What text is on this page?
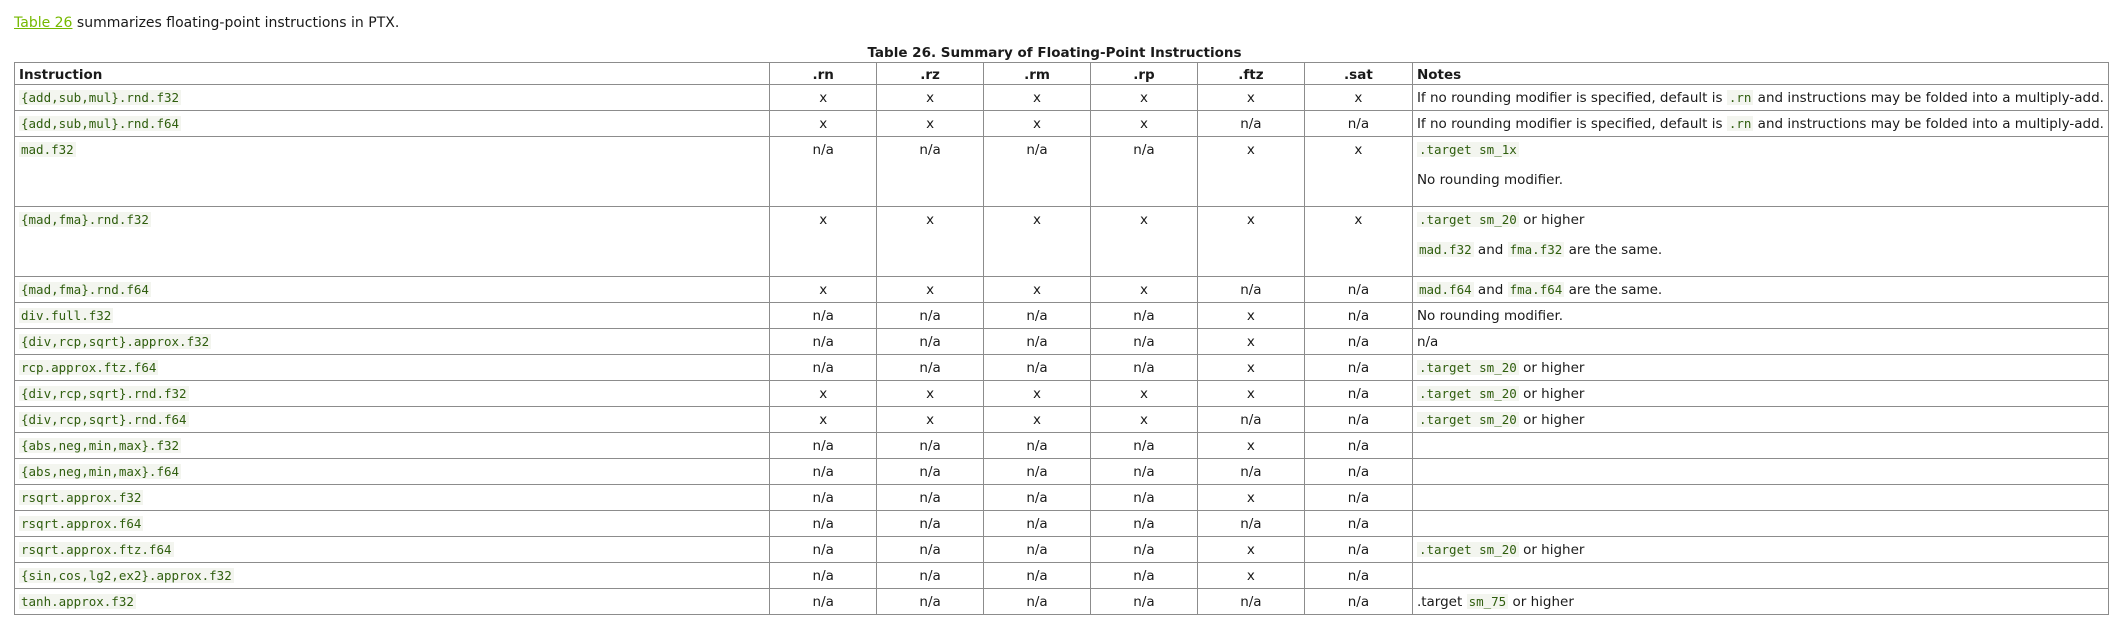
Table 26 summarizes floating-point instructions in PTX.
Table 26. Summary of Floating-Point Instructions
Instruction	.rn	.rz	.rm	.rp	.ftz	.sat	Notes
{add,sub,mul}.rnd.f32	x	x	x	x	x	x	If no rounding modifier is specified, default is .rn and instructions may be folded into a multiply-add.

{add,sub,mul}.rnd.f64	x	x	x	x	n/a	n/a	If no rounding modifier is specified, default is .rn and instructions may be folded into a multiply-add.

mad.f32	n/a	n/a	n/a	n/a	x	x	.target sm_1x
No rounding modifier.

{mad,fma}.rnd.f32	x	x	x	x	x	x	.target sm_20 or higher
mad.f32 and fma.f32 are the same.

{mad,fma}.rnd.f64	x	x	x	x	n/a	n/a	mad.f64 and fma.f64 are the same.

div.full.f32	n/a	n/a	n/a	n/a	x	n/a	No rounding modifier.

{div,rcp,sqrt}.approx.f32	n/a	n/a	n/a	n/a	x	n/a	n/a

rcp.approx.ftz.f64	n/a	n/a	n/a	n/a	x	n/a	.target sm_20 or higher

{div,rcp,sqrt}.rnd.f32	x	x	x	x	x	n/a	.target sm_20 or higher

{div,rcp,sqrt}.rnd.f64	x	x	x	x	n/a	n/a	.target sm_20 or higher

{abs,neg,min,max}.f32	n/a	n/a	n/a	n/a	x	n/a	
{abs,neg,min,max}.f64	n/a	n/a	n/a	n/a	n/a	n/a	
rsqrt.approx.f32	n/a	n/a	n/a	n/a	x	n/a	
rsqrt.approx.f64	n/a	n/a	n/a	n/a	n/a	n/a	
rsqrt.approx.ftz.f64	n/a	n/a	n/a	n/a	x	n/a	.target sm_20 or higher

{sin,cos,lg2,ex2}.approx.f32	n/a	n/a	n/a	n/a	x	n/a	
tanh.approx.f32	n/a	n/a	n/a	n/a	n/a	n/a	.target sm_75 or higher
